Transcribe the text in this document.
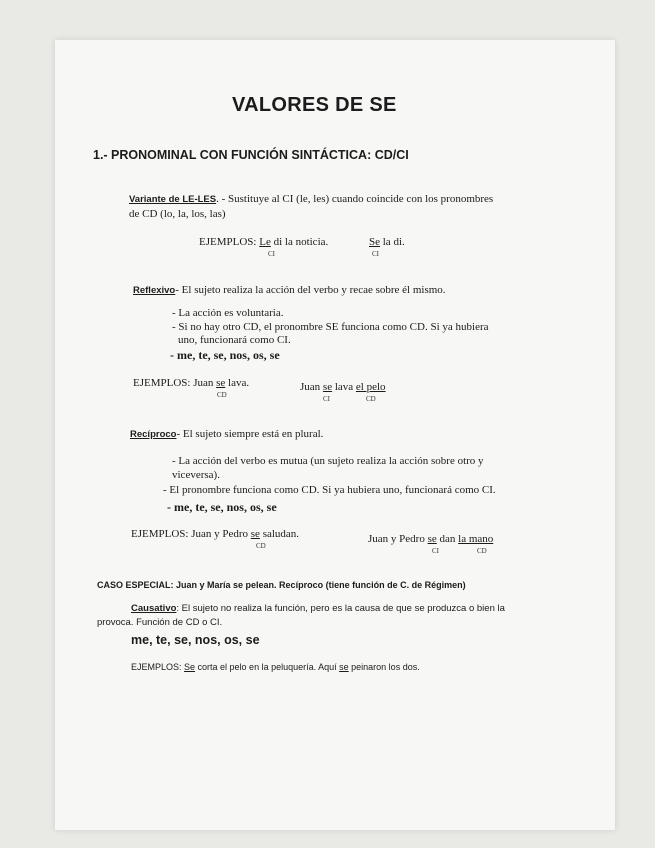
VALORES DE SE
1.- PRONOMINAL CON FUNCIÓN SINTÁCTICA: CD/CI
Variante de LE-LES. - Sustituye al CI (le, les) cuando coincide con los pronombres
de CD (lo, la, los, las)
EJEMPLOS: Le di la noticia.
CI
Se la di.
CI
Reflexivo- El sujeto realiza la acción del verbo y recae sobre él mismo.
- La acción es voluntaria.
- Si no hay otro CD, el pronombre SE funciona como CD. Si ya hubiera
uno, funcionará como CI.
- me, te, se, nos, os, se
EJEMPLOS: Juan se lava.
CD
Juan se lava el pelo
CI	CD
Recíproco- El sujeto siempre está en plural.
- La acción del verbo es mutua (un sujeto realiza la acción sobre otro y
viceversa).
- El pronombre funciona como CD. Si ya hubiera uno, funcionará como CI.
- me, te, se, nos, os, se
EJEMPLOS: Juan y Pedro se saludan.
CD
Juan y Pedro se dan la mano
CI	CD
CASO ESPECIAL: Juan y María se pelean. Recíproco (tiene función de C. de Régimen)
Causativo: El sujeto no realiza la función, pero es la causa de que se produzca o bien la
provoca. Función de CD o CI.
me, te, se, nos, os, se
EJEMPLOS: Se corta el pelo en la peluquería. Aquí se peinaron los dos.
